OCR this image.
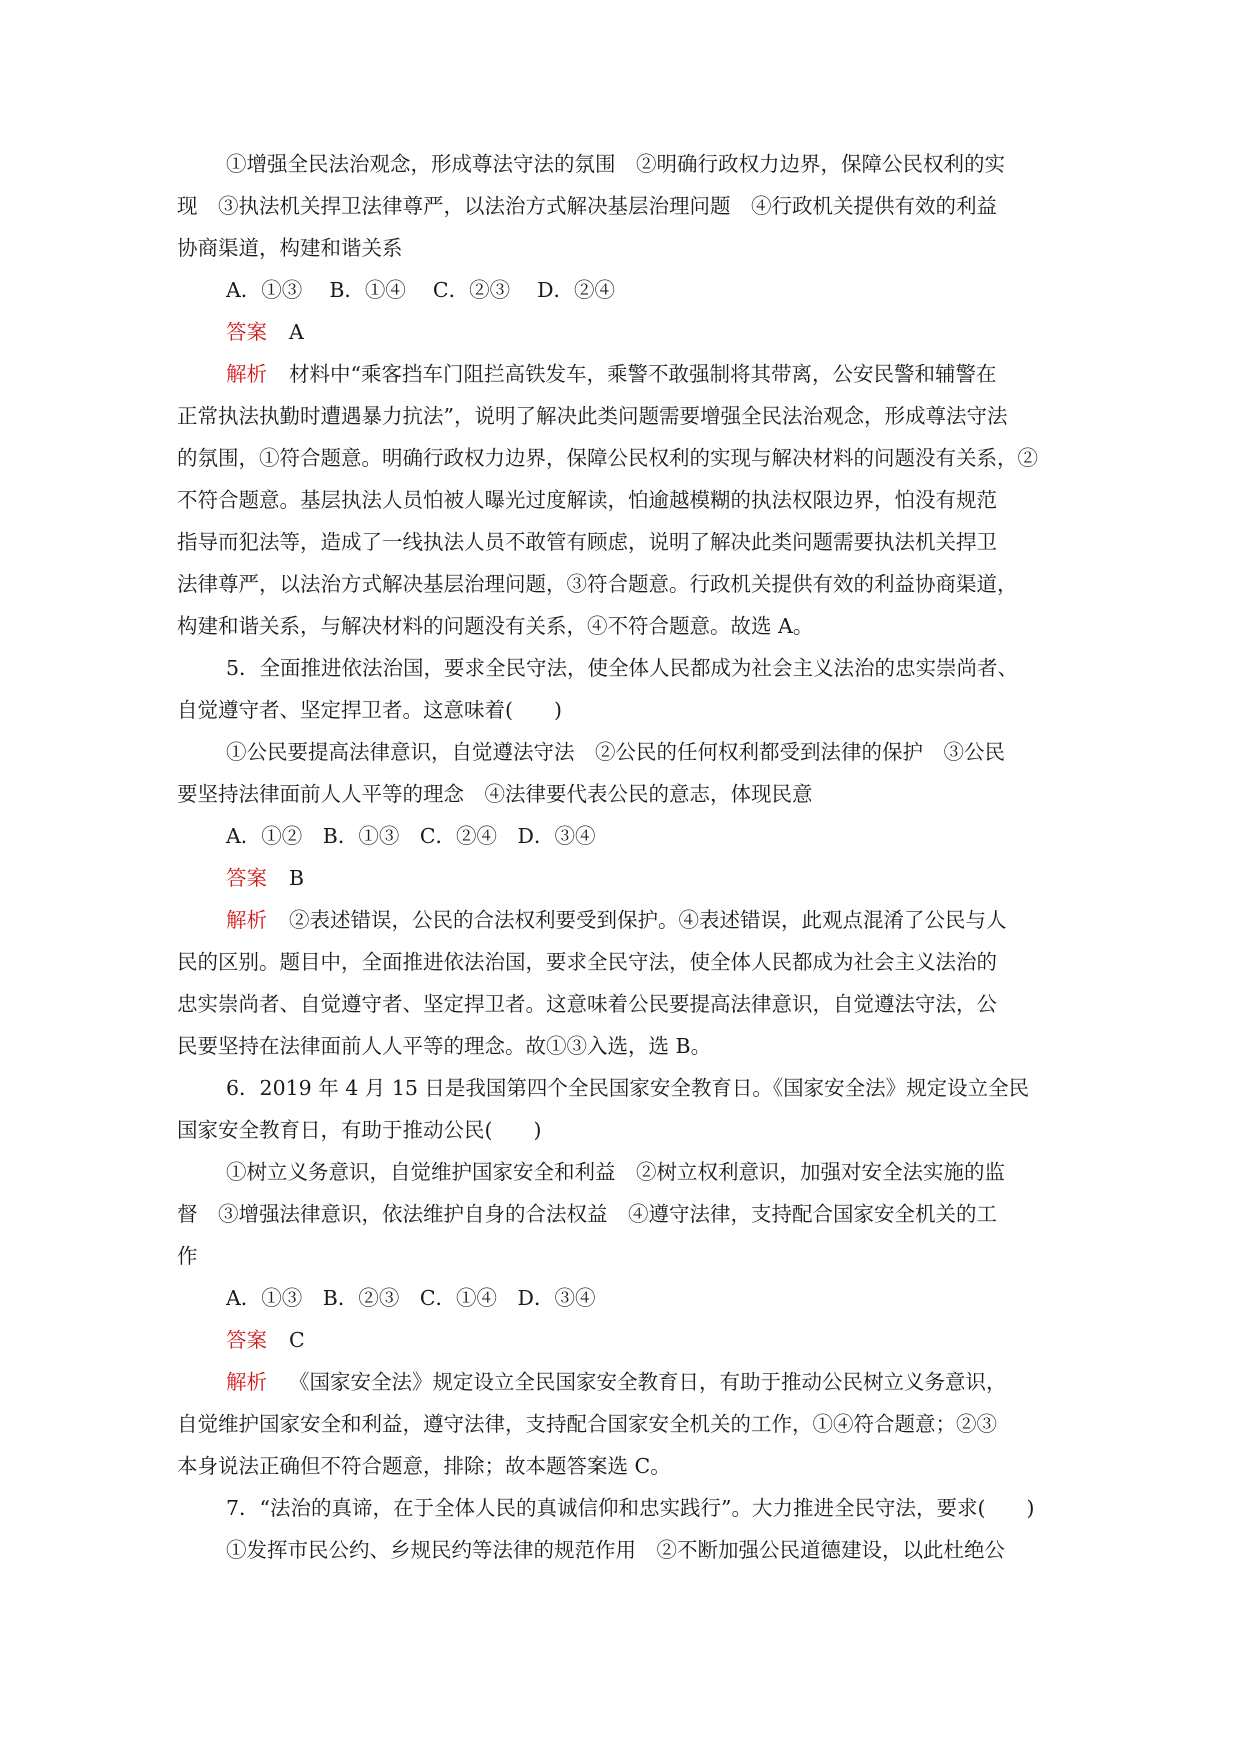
①增强全民法治观念，形成尊法守法的氛围　②明确行政权力边界，保障公民权利的实
现　③执法机关捍卫法律尊严，以法治方式解决基层治理问题　④行政机关提供有效的利益
协商渠道，构建和谐关系
A．①③　 B．①④　 C．②③　 D．②④
答案 A
解析 材料中“乘客挡车门阻拦高铁发车，乘警不敢强制将其带离，公安民警和辅警在
正常执法执勤时遭遇暴力抗法”，说明了解决此类问题需要增强全民法治观念，形成尊法守法
的氛围，①符合题意。明确行政权力边界，保障公民权利的实现与解决材料的问题没有关系，②
不符合题意。基层执法人员怕被人曝光过度解读，怕逾越模糊的执法权限边界，怕没有规范
指导而犯法等，造成了一线执法人员不敢管有顾虑，说明了解决此类问题需要执法机关捍卫
法律尊严，以法治方式解决基层治理问题，③符合题意。行政机关提供有效的利益协商渠道，
构建和谐关系，与解决材料的问题没有关系，④不符合题意。故选 A。
5．全面推进依法治国，要求全民守法，使全体人民都成为社会主义法治的忠实崇尚者、
自觉遵守者、坚定捍卫者。这意味着(　　)
①公民要提高法律意识，自觉遵法守法　②公民的任何权利都受到法律的保护　③公民
要坚持法律面前人人平等的理念　④法律要代表公民的意志，体现民意
A．①②　B．①③　C．②④　D．③④
答案 B
解析 ②表述错误，公民的合法权利要受到保护。④表述错误，此观点混淆了公民与人
民的区别。题目中，全面推进依法治国，要求全民守法，使全体人民都成为社会主义法治的
忠实崇尚者、自觉遵守者、坚定捍卫者。这意味着公民要提高法律意识，自觉遵法守法，公
民要坚持在法律面前人人平等的理念。故①③入选，选 B。
6．2019 年 4 月 15 日是我国第四个全民国家安全教育日。《国家安全法》规定设立全民
国家安全教育日，有助于推动公民(　　)
①树立义务意识，自觉维护国家安全和利益　②树立权利意识，加强对安全法实施的监
督　③增强法律意识，依法维护自身的合法权益　④遵守法律，支持配合国家安全机关的工
作
A．①③　B．②③　C．①④　D．③④
答案 C
解析 《国家安全法》规定设立全民国家安全教育日，有助于推动公民树立义务意识，
自觉维护国家安全和利益，遵守法律，支持配合国家安全机关的工作，①④符合题意；②③
本身说法正确但不符合题意，排除；故本题答案选 C。
7．“法治的真谛，在于全体人民的真诚信仰和忠实践行”。大力推进全民守法，要求(　　)
①发挥市民公约、乡规民约等法律的规范作用　②不断加强公民道德建设，以此杜绝公
